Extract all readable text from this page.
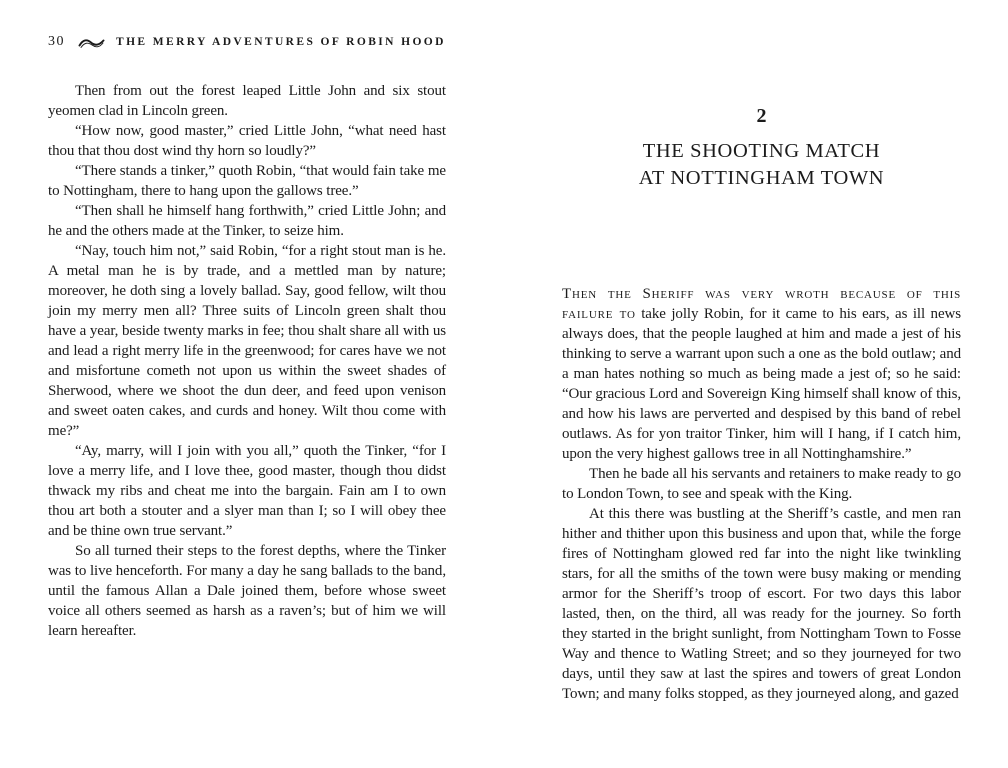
30	THE MERRY ADVENTURES OF ROBIN HOOD

Then from out the forest leaped Little John and six stout yeomen clad in Lincoln green.

“How now, good master,” cried Little John, “what need hast thou that thou dost wind thy horn so loudly?”

“There stands a tinker,” quoth Robin, “that would fain take me to Nottingham, there to hang upon the gallows tree.”

“Then shall he himself hang forthwith,” cried Little John; and he and the others made at the Tinker, to seize him.

“Nay, touch him not,” said Robin, “for a right stout man is he. A metal man he is by trade, and a mettled man by nature; moreover, he doth sing a lovely ballad. Say, good fellow, wilt thou join my merry men all? Three suits of Lincoln green shalt thou have a year, beside twenty marks in fee; thou shalt share all with us and lead a right merry life in the greenwood; for cares have we not and misfortune cometh not upon us within the sweet shades of Sherwood, where we shoot the dun deer, and feed upon venison and sweet oaten cakes, and curds and honey. Wilt thou come with me?”

“Ay, marry, will I join with you all,” quoth the Tinker, “for I love a merry life, and I love thee, good master, though thou didst thwack my ribs and cheat me into the bargain. Fain am I to own thou art both a stouter and a slyer man than I; so I will obey thee and be thine own true servant.”

So all turned their steps to the forest depths, where the Tinker was to live henceforth. For many a day he sang ballads to the band, until the famous Allan a Dale joined them, before whose sweet voice all others seemed as harsh as a raven’s; but of him we will learn hereafter.

2
THE SHOOTING MATCH
AT NOTTINGHAM TOWN

Then the Sheriff was very wroth because of this failure to take jolly Robin, for it came to his ears, as ill news always does, that the people laughed at him and made a jest of his thinking to serve a warrant upon such a one as the bold outlaw; and a man hates nothing so much as being made a jest of; so he said: “Our gracious Lord and Sovereign King himself shall know of this, and how his laws are perverted and despised by this band of rebel outlaws. As for yon traitor Tinker, him will I hang, if I catch him, upon the very highest gallows tree in all Nottinghamshire.”

Then he bade all his servants and retainers to make ready to go to London Town, to see and speak with the King.

At this there was bustling at the Sheriff’s castle, and men ran hither and thither upon this business and upon that, while the forge fires of Nottingham glowed red far into the night like twinkling stars, for all the smiths of the town were busy making or mending armor for the Sheriff’s troop of escort. For two days this labor lasted, then, on the third, all was ready for the journey. So forth they started in the bright sunlight, from Nottingham Town to Fosse Way and thence to Watling Street; and so they journeyed for two days, until they saw at last the spires and towers of great London Town; and many folks stopped, as they journeyed along, and gazed
